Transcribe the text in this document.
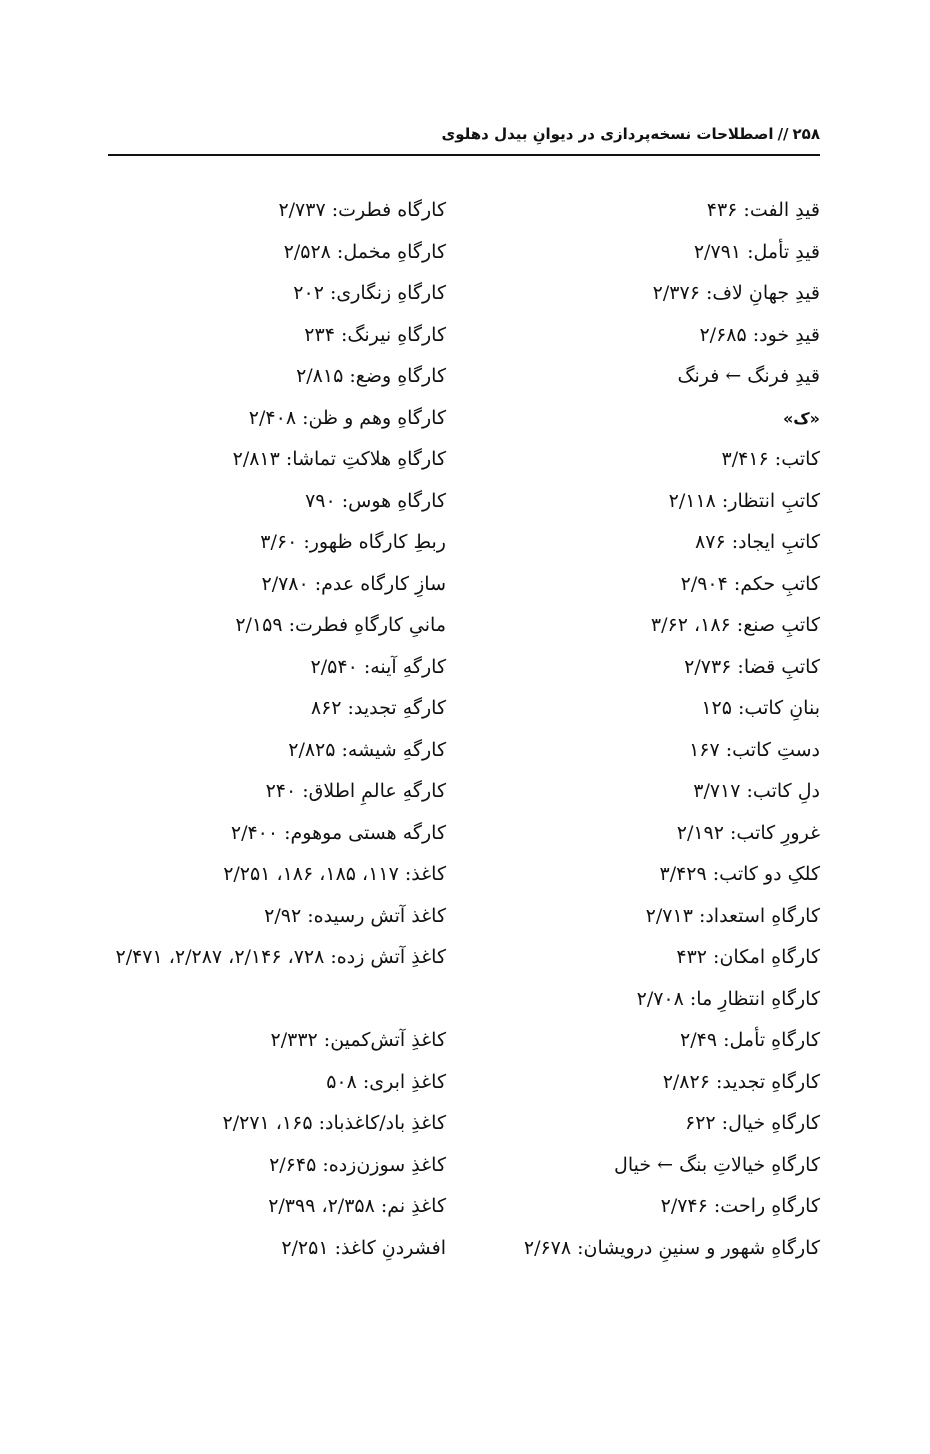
۲۵۸//اصطلاحات نسخه‌پردازی در دیوانِ بیدل دهلوی
قیدِ الفت: ۴۳۶
قیدِ تأمل: ۲/۷۹۱
قیدِ جهانِ لاف: ۲/۳۷۶
قیدِ خود: ۲/۶۸۵
قیدِ فرنگ ← فرنگ
«ک»
کاتب: ۳/۴۱۶
کاتبِ انتظار: ۲/۱۱۸
کاتبِ ایجاد: ۸۷۶
کاتبِ حکم: ۲/۹۰۴
کاتبِ صنع: ۱۸۶، ۳/۶۲
کاتبِ قضا: ۲/۷۳۶
بنانِ کاتب: ۱۲۵
دستِ کاتب: ۱۶۷
دلِ کاتب: ۳/۷۱۷
غرورِ کاتب: ۲/۱۹۲
کلکِ دو کاتب: ۳/۴۲۹
کارگاهِ استعداد: ۲/۷۱۳
کارگاهِ امکان: ۴۳۲
کارگاهِ انتظارِ ما: ۲/۷۰۸
کارگاهِ تأمل: ۲/۴۹
کارگاهِ تجدید: ۲/۸۲۶
کارگاهِ خیال: ۶۲۲
کارگاهِ خیالاتِ بنگ ← خیال
کارگاهِ راحت: ۲/۷۴۶
کارگاهِ شهور و سنینِ درویشان: ۲/۶۷۸
کارگاه فطرت: ۲/۷۳۷
کارگاهِ مخمل: ۲/۵۲۸
کارگاهِ زنگاری: ۲۰۲
کارگاهِ نیرنگ: ۲۳۴
کارگاهِ وضع: ۲/۸۱۵
کارگاهِ وهم و ظن: ۲/۴۰۸
کارگاهِ هلاکتِ تماشا: ۲/۸۱۳
کارگاهِ هوس: ۷۹۰
ربطِ کارگاه ظهور: ۳/۶۰
سازِ کارگاه عدم: ۲/۷۸۰
مانیِ کارگاهِ فطرت: ۲/۱۵۹
کارگهِ آینه: ۲/۵۴۰
کارگهِ تجدید: ۸۶۲
کارگهِ شیشه: ۲/۸۲۵
کارگهِ عالمِ اطلاق: ۲۴۰
کارگه هستی موهوم: ۲/۴۰۰
کاغذ: ۱۱۷، ۱۸۵، ۱۸۶، ۲/۲۵۱
کاغذ آتش رسیده: ۲/۹۲
کاغذِ آتش زده: ۷۲۸، ۲/۱۴۶، ۲/۲۸۷، ۲/۴۷۱
کاغذِ آتش‌کمین: ۲/۳۳۲
کاغذِ ابری: ۵۰۸
کاغذِ باد/کاغذباد: ۱۶۵، ۲/۲۷۱
کاغذِ سوزن‌زده: ۲/۶۴۵
کاغذِ نم: ۲/۳۵۸، ۲/۳۹۹
افشردنِ کاغذ: ۲/۲۵۱
